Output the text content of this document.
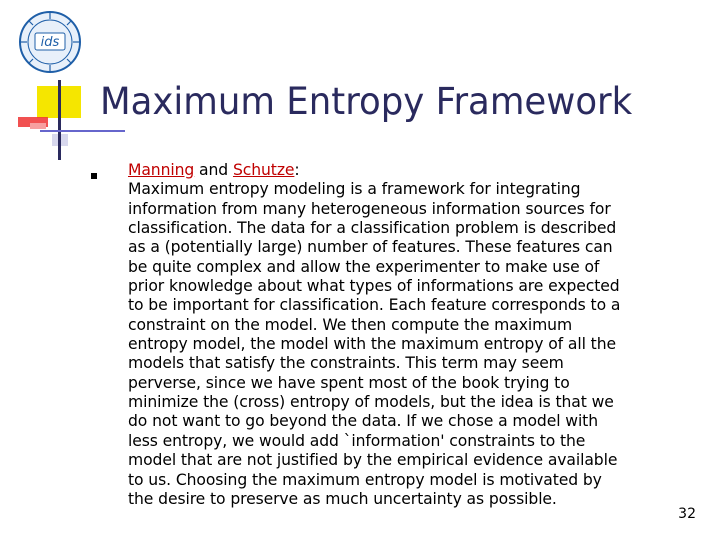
ids
Maximum Entropy Framework

Manning and Schutze:
Maximum entropy modeling is a framework for integrating
information from many heterogeneous information sources for
classification. The data for a classification problem is described
as a (potentially large) number of features. These features can
be quite complex and allow the experimenter to make use of
prior knowledge about what types of informations are expected
to be important for classification. Each feature corresponds to a
constraint on the model. We then compute the maximum
entropy model, the model with the maximum entropy of all the
models that satisfy the constraints. This term may seem
perverse, since we have spent most of the book trying to
minimize the (cross) entropy of models, but the idea is that we
do not want to go beyond the data. If we chose a model with
less entropy, we would add `information' constraints to the
model that are not justified by the empirical evidence available
to us. Choosing the maximum entropy model is motivated by
the desire to preserve as much uncertainty as possible.

32
